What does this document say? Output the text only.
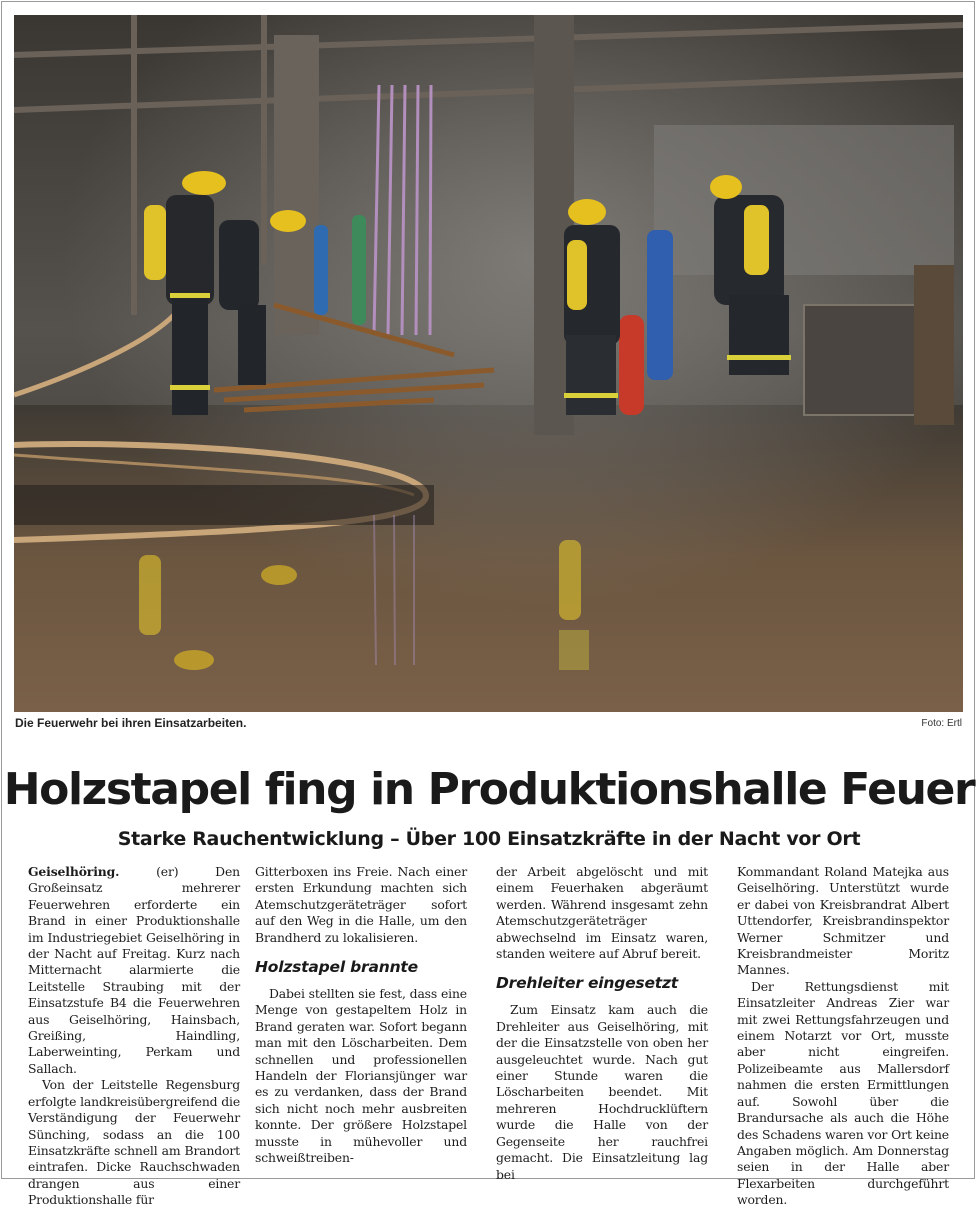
Die Feuerwehr bei ihren Einsatzarbeiten.	Foto: Ertl
Holzstapel fing in Produktionshalle Feuer
Starke Rauchentwicklung – Über 100 Einsatzkräfte in der Nacht vor Ort

Geiselhöring.	(er) Den Großeinsatz mehrerer Feuerwehren erforderte ein Brand in einer Produktionshalle im Industriegebiet Geiselhöring in der Nacht auf Freitag. Kurz nach Mitternacht alarmierte die Leitstelle Straubing mit der Einsatzstufe B4 die Feuerwehren aus Geiselhöring, Hainsbach, Greißing, Haindling, Laberweinting, Perkam und Sallach.

Von der Leitstelle Regensburg erfolgte landkreisübergreifend die Verständigung der Feuerwehr Sünching, sodass an die 100 Einsatzkräfte schnell am Brandort eintrafen. Dicke Rauchschwaden drangen aus einer Produktionshalle für

Gitterboxen ins Freie. Nach einer ersten Erkundung machten sich Atemschutzgeräteträger sofort auf den Weg in die Halle, um den Brandherd zu lokalisieren.

Holzstapel brannte

Dabei stellten sie fest, dass eine Menge von gestapeltem Holz in Brand geraten war. Sofort begann man mit den Löscharbeiten. Dem schnellen und professionellen Handeln der Floriansjünger war es zu verdanken, dass der Brand sich nicht noch mehr ausbreiten konnte. Der größere Holzstapel musste in mühevoller und schweißtreiben-

der Arbeit abgelöscht und mit einem Feuerhaken abgeräumt werden. Während insgesamt zehn Atemschutzgeräteträger abwechselnd im Einsatz waren, standen weitere auf Abruf bereit.

Drehleiter eingesetzt

Zum Einsatz kam auch die Drehleiter aus Geiselhöring, mit der die Einsatzstelle von oben her ausgeleuchtet wurde. Nach gut einer Stunde waren die Löscharbeiten beendet. Mit mehreren Hochdrucklüftern wurde die Halle von der Gegenseite her rauchfrei gemacht. Die Einsatzleitung lag bei

Kommandant Roland Matejka aus Geiselhöring. Unterstützt wurde er dabei von Kreisbrandrat Albert Uttendorfer, Kreisbrandinspektor Werner Schmitzer und Kreisbrandmeister Moritz Mannes.

Der Rettungsdienst mit Einsatzleiter Andreas Zier war mit zwei Rettungsfahrzeugen und einem Notarzt vor Ort, musste aber nicht eingreifen. Polizeibeamte aus Mallersdorf nahmen die ersten Ermittlungen auf. Sowohl über die Brandursache als auch die Höhe des Schadens waren vor Ort keine Angaben möglich. Am Donnerstag seien in der Halle aber Flexarbeiten durchgeführt worden.
